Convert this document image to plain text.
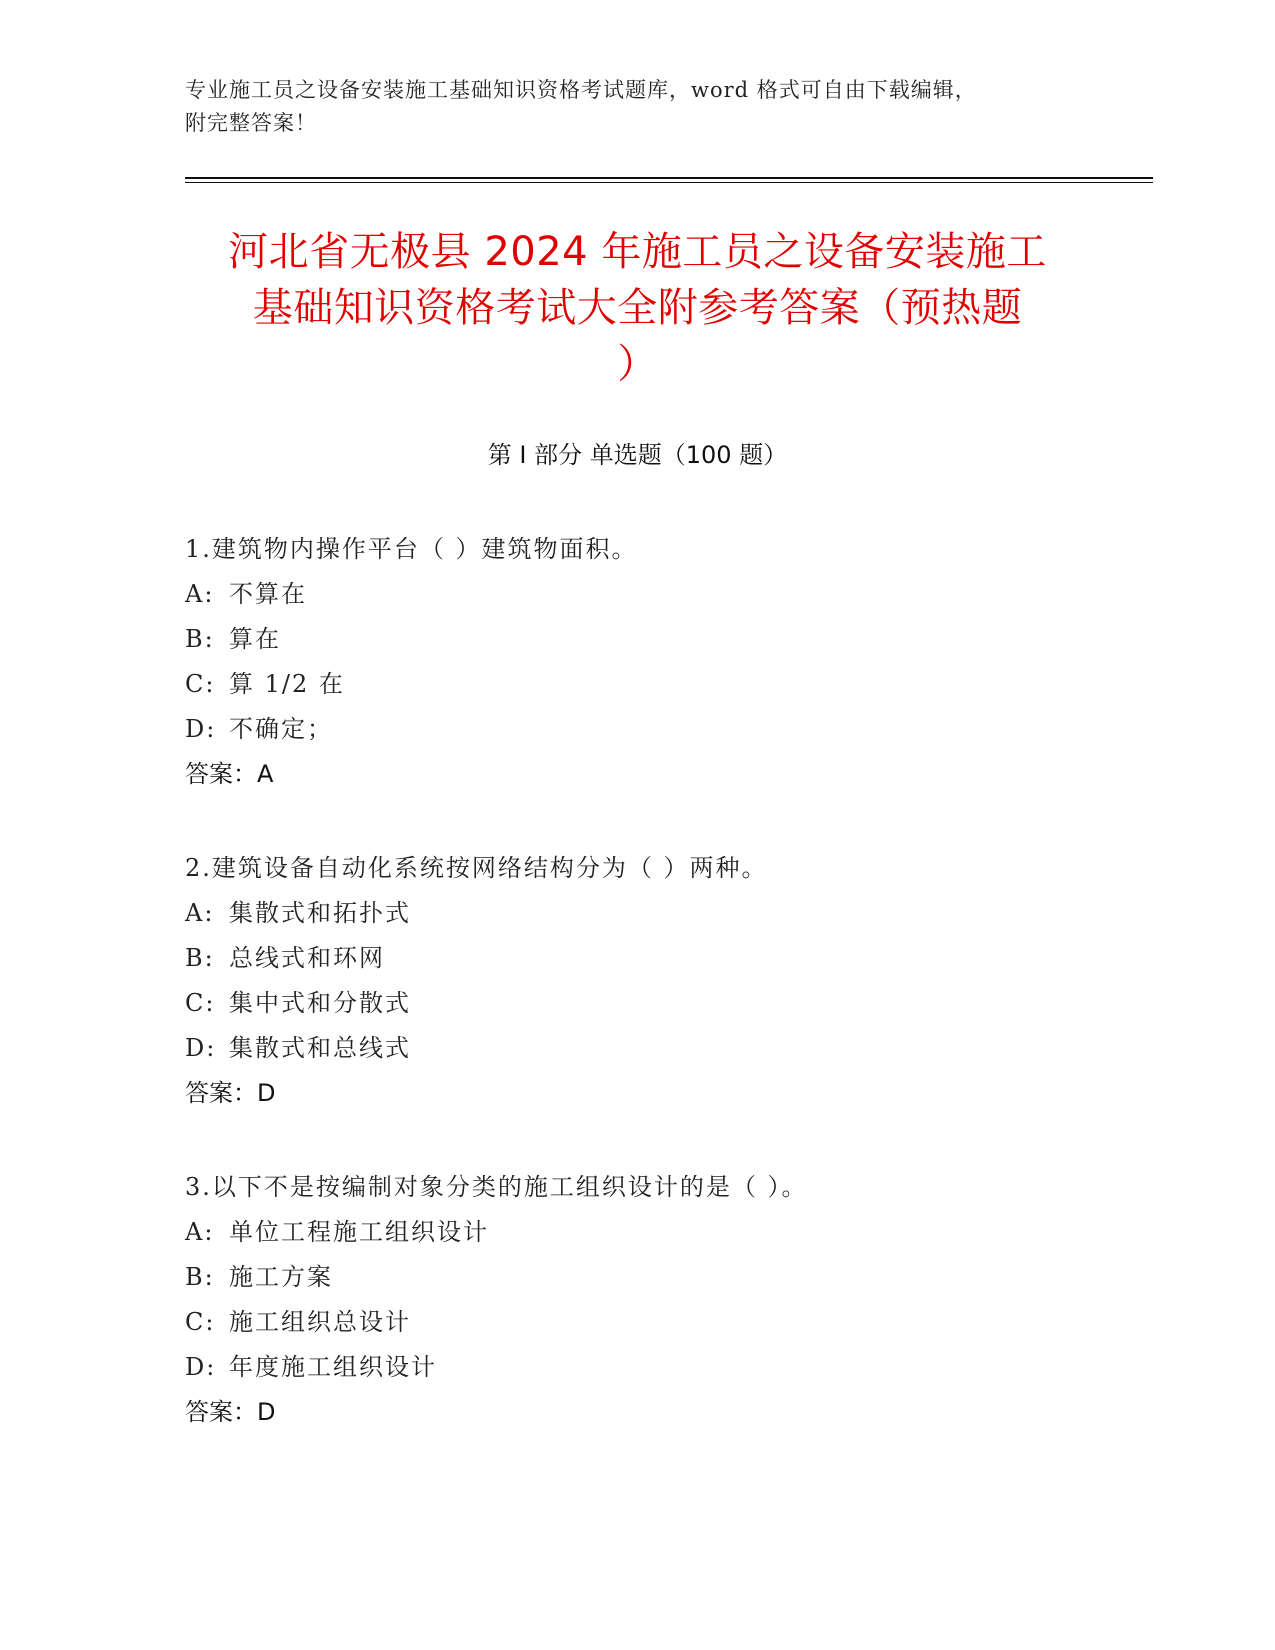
专业施工员之设备安装施工基础知识资格考试题库，word 格式可自由下载编辑，
附完整答案！
河北省无极县 2024 年施工员之设备安装施工
基础知识资格考试大全附参考答案（预热题
）
第 I 部分 单选题（100 题）
1.建筑物内操作平台（ ）建筑物面积。
A: 不算在
B: 算在
C: 算 1/2 在
D: 不确定；
答案：A
2.建筑设备自动化系统按网络结构分为（ ）两种。
A: 集散式和拓扑式
B: 总线式和环网
C: 集中式和分散式
D: 集散式和总线式
答案：D
3.以下不是按编制对象分类的施工组织设计的是（ ）。
A: 单位工程施工组织设计
B: 施工方案
C: 施工组织总设计
D: 年度施工组织设计
答案：D
